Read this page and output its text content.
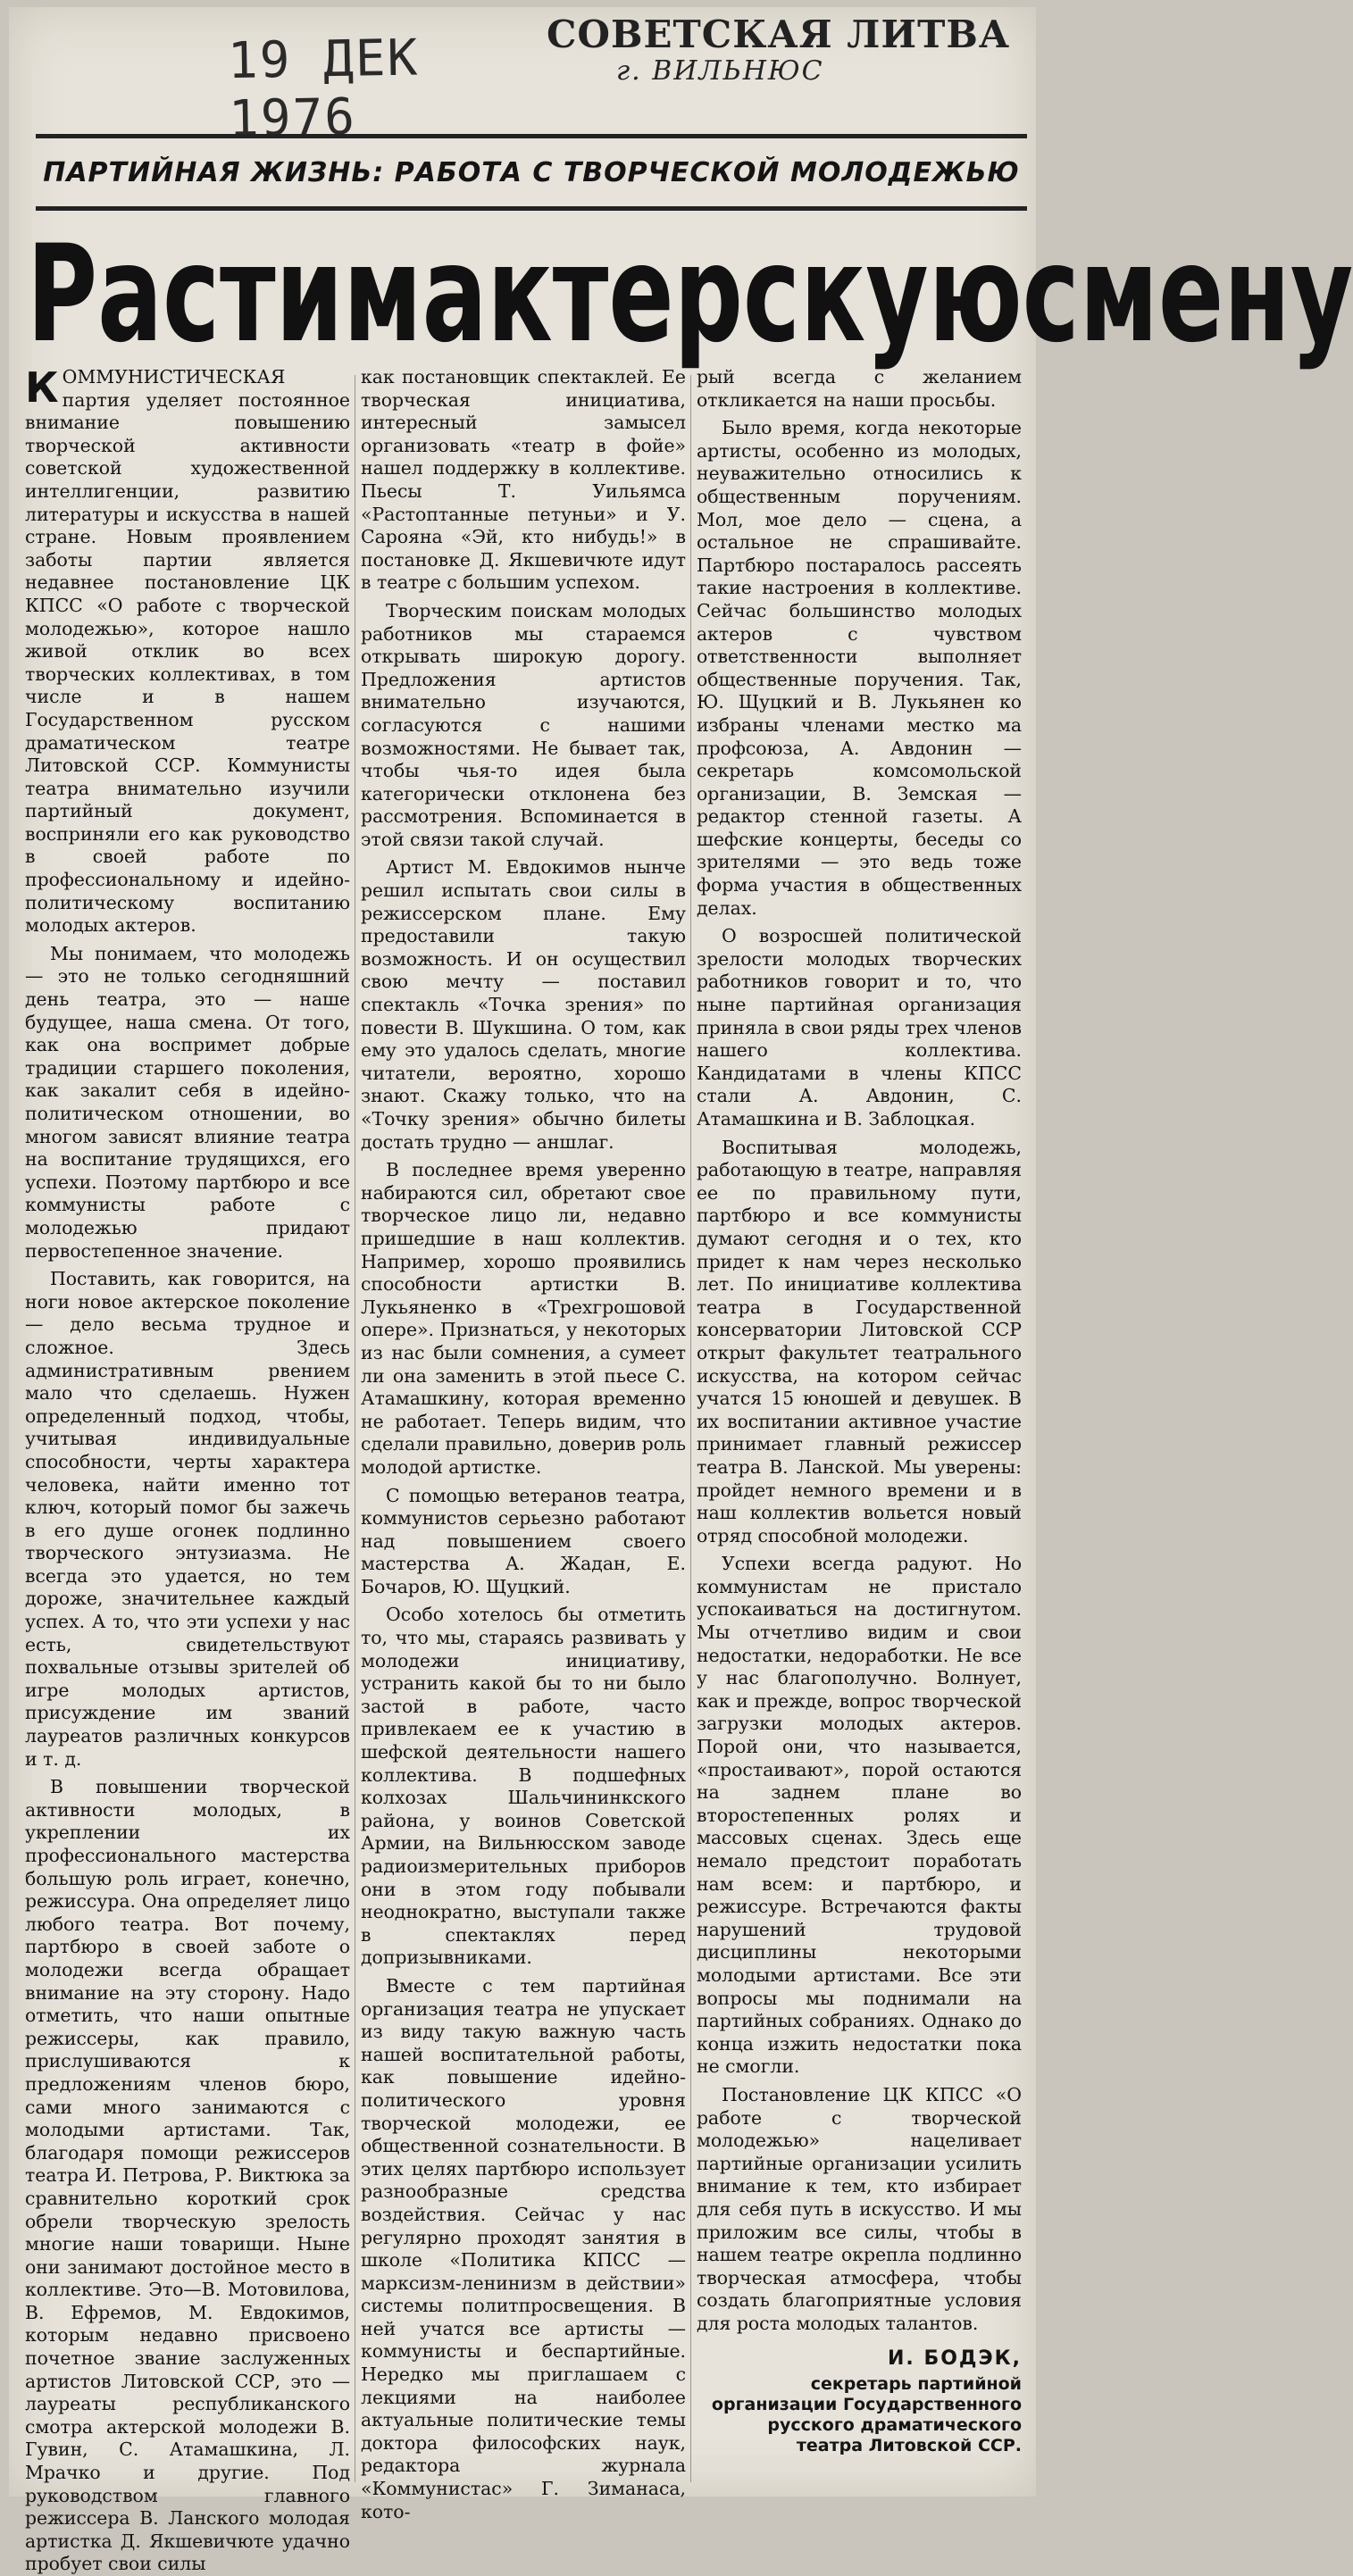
19 ДЕК 1976
СОВЕТСКАЯ ЛИТВА
г. ВИЛЬНЮС
ПАРТИЙНАЯ ЖИЗНЬ: РАБОТА С ТВОРЧЕСКОЙ МОЛОДЕЖЬЮ
Растим актерскую смену

КОММУНИСТИЧЕСКАЯ партия уделяет постоянное внимание повышению творческой активности советской художественной интеллигенции, развитию литературы и искусства в нашей стране. Новым проявлением заботы партии является недавнее постановление ЦК КПСС «О работе с творческой молодежью», которое нашло живой отклик во всех творческих коллективах, в том числе и в нашем Государственном русском драматическом театре Литовской ССР. Коммунисты театра внимательно изучили партийный документ, восприняли его как руководство в своей работе по профессиональному и идейно-политическому воспитанию молодых актеров.

Мы понимаем, что молодежь — это не только сегодняшний день театра, это — наше будущее, наша смена. От того, как она воспримет добрые традиции старшего поколения, как закалит себя в идейно-политическом отношении, во многом зависят влияние театра на воспитание трудящихся, его успехи. Поэтому партбюро и все коммунисты работе с молодежью придают первостепенное значение.

Поставить, как говорится, на ноги новое актерское поколение — дело весьма трудное и сложное. Здесь административным рвением мало что сделаешь. Нужен определенный подход, чтобы, учитывая индивидуальные способности, черты характера человека, найти именно тот ключ, который помог бы зажечь в его душе огонек подлинно творческого энтузиазма. Не всегда это удается, но тем дороже, значительнее каждый успех. А то, что эти успехи у нас есть, свидетельствуют похвальные отзывы зрителей об игре молодых артистов, присуждение им званий лауреатов различных конкурсов и т. д.

В повышении творческой активности молодых, в укреплении их профессионального мастерства большую роль играет, конечно, режиссура. Она определяет лицо любого театра. Вот почему, партбюро в своей заботе о молодежи всегда обращает внимание на эту сторону. Надо отметить, что наши опытные режиссеры, как правило, прислушиваются к предложениям членов бюро, сами много занимаются с молодыми артистами. Так, благодаря помощи режиссеров театра И. Петрова, Р. Виктюка за сравнительно короткий срок обрели творческую зрелость многие наши товарищи. Ныне они занимают достойное место в коллективе. Это—В. Мотовилова, В. Ефремов, М. Евдокимов, которым недавно присвоено почетное звание заслуженных артистов Литовской ССР, это — лауреаты республиканского смотра актерской молодежи В. Гувин, С. Атамашкина, Л. Мрачко и другие. Под руководством главного режиссера В. Ланского молодая артистка Д. Якшевичюте удачно пробует свои силы

как постановщик спектаклей. Ее творческая инициатива, интересный замысел организовать «театр в фойе» нашел поддержку в коллективе. Пьесы Т. Уильямса «Растоптанные петуньи» и У. Сарояна «Эй, кто нибудь!» в постановке Д. Якшевичюте идут в театре с большим успехом.

Творческим поискам молодых работников мы стараемся открывать широкую дорогу. Предложения артистов внимательно изучаются, согласуются с нашими возможностями. Не бывает так, чтобы чья-то идея была категорически отклонена без рассмотрения. Вспоминается в этой связи такой случай.

Артист М. Евдокимов нынче решил испытать свои силы в режиссерском плане. Ему предоставили такую возможность. И он осуществил свою мечту — поставил спектакль «Точка зрения» по повести В. Шукшина. О том, как ему это удалось сделать, многие читатели, вероятно, хорошо знают. Скажу только, что на «Точку зрения» обычно билеты достать трудно — аншлаг.

В последнее время уверенно набираются сил, обретают свое творческое лицо ли, недавно пришедшие в наш коллектив. Например, хорошо проявились способности артистки В. Лукьяненко в «Трехгрошовой опере». Признаться, у некоторых из нас были сомнения, а сумеет ли она заменить в этой пьесе С. Атамашкину, которая временно не работает. Теперь видим, что сделали правильно, доверив роль молодой артистке.

С помощью ветеранов театра, коммунистов серьезно работают над повышением своего мастерства А. Жадан, Е. Бочаров, Ю. Щуцкий.

Особо хотелось бы отметить то, что мы, стараясь развивать у молодежи инициативу, устранить какой бы то ни было застой в работе, часто привлекаем ее к участию в шефской деятельности нашего коллектива. В подшефных колхозах Шальчининкского района, у воинов Советской Армии, на Вильнюсском заводе радиоизмерительных приборов они в этом году побывали неоднократно, выступали также в спектаклях перед допризывниками.

Вместе с тем партийная организация театра не упускает из виду такую важную часть нашей воспитательной работы, как повышение идейно-политического уровня творческой молодежи, ее общественной сознательности. В этих целях партбюро использует разнообразные средства воздействия. Сейчас у нас регулярно проходят занятия в школе «Политика КПСС — марксизм-ленинизм в действии» системы политпросвещения. В ней учатся все артисты — коммунисты и беспартийные. Нередко мы приглашаем с лекциями на наиболее актуальные политические темы доктора философских наук, редактора журнала «Коммунистас» Г. Зиманаса, кото-

рый всегда с желанием откликается на наши просьбы.

Было время, когда некоторые артисты, особенно из молодых, неуважительно относились к общественным поручениям. Мол, мое дело — сцена, а остальное не спрашивайте. Партбюро постаралось рассеять такие настроения в коллективе. Сейчас большинство молодых актеров с чувством ответственности выполняет общественные поручения. Так, Ю. Щуцкий и В. Лукьянен ко избраны членами местко ма профсоюза, А. Авдонин — секретарь комсомольской организации, В. Земская — редактор стенной газеты. А шефские концерты, беседы со зрителями — это ведь тоже форма участия в общественных делах.

О возросшей политической зрелости молодых творческих работников говорит и то, что ныне партийная организация приняла в свои ряды трех членов нашего коллектива. Кандидатами в члены КПСС стали А. Авдонин, С. Атамашкина и В. Заблоцкая.

Воспитывая молодежь, работающую в театре, направляя ее по правильному пути, партбюро и все коммунисты думают сегодня и о тех, кто придет к нам через несколько лет. По инициативе коллектива театра в Государственной консерватории Литовской ССР открыт факультет театрального искусства, на котором сейчас учатся 15 юношей и девушек. В их воспитании активное участие принимает главный режиссер театра В. Ланской. Мы уверены: пройдет немного времени и в наш коллектив вольется новый отряд способной молодежи.

Успехи всегда радуют. Но коммунистам не пристало успокаиваться на достигнутом. Мы отчетливо видим и свои недостатки, недоработки. Не все у нас благополучно. Волнует, как и прежде, вопрос творческой загрузки молодых актеров. Порой они, что называется, «простаивают», порой остаются на заднем плане во второстепенных ролях и массовых сценах. Здесь еще немало предстоит поработать нам всем: и партбюро, и режиссуре. Встречаются факты нарушений трудовой дисциплины некоторыми молодыми артистами. Все эти вопросы мы поднимали на партийных собраниях. Однако до конца изжить недостатки пока не смогли.

Постановление ЦК КПСС «О работе с творческой молодежью» нацеливает партийные организации усилить внимание к тем, кто избирает для себя путь в искусство. И мы приложим все силы, чтобы в нашем театре окрепла подлинно творческая атмосфера, чтобы создать благоприятные условия для роста молодых талантов.

И. БОДЭК,
секретарь партийной организации Государственного русского драматического театра Литовской ССР.
